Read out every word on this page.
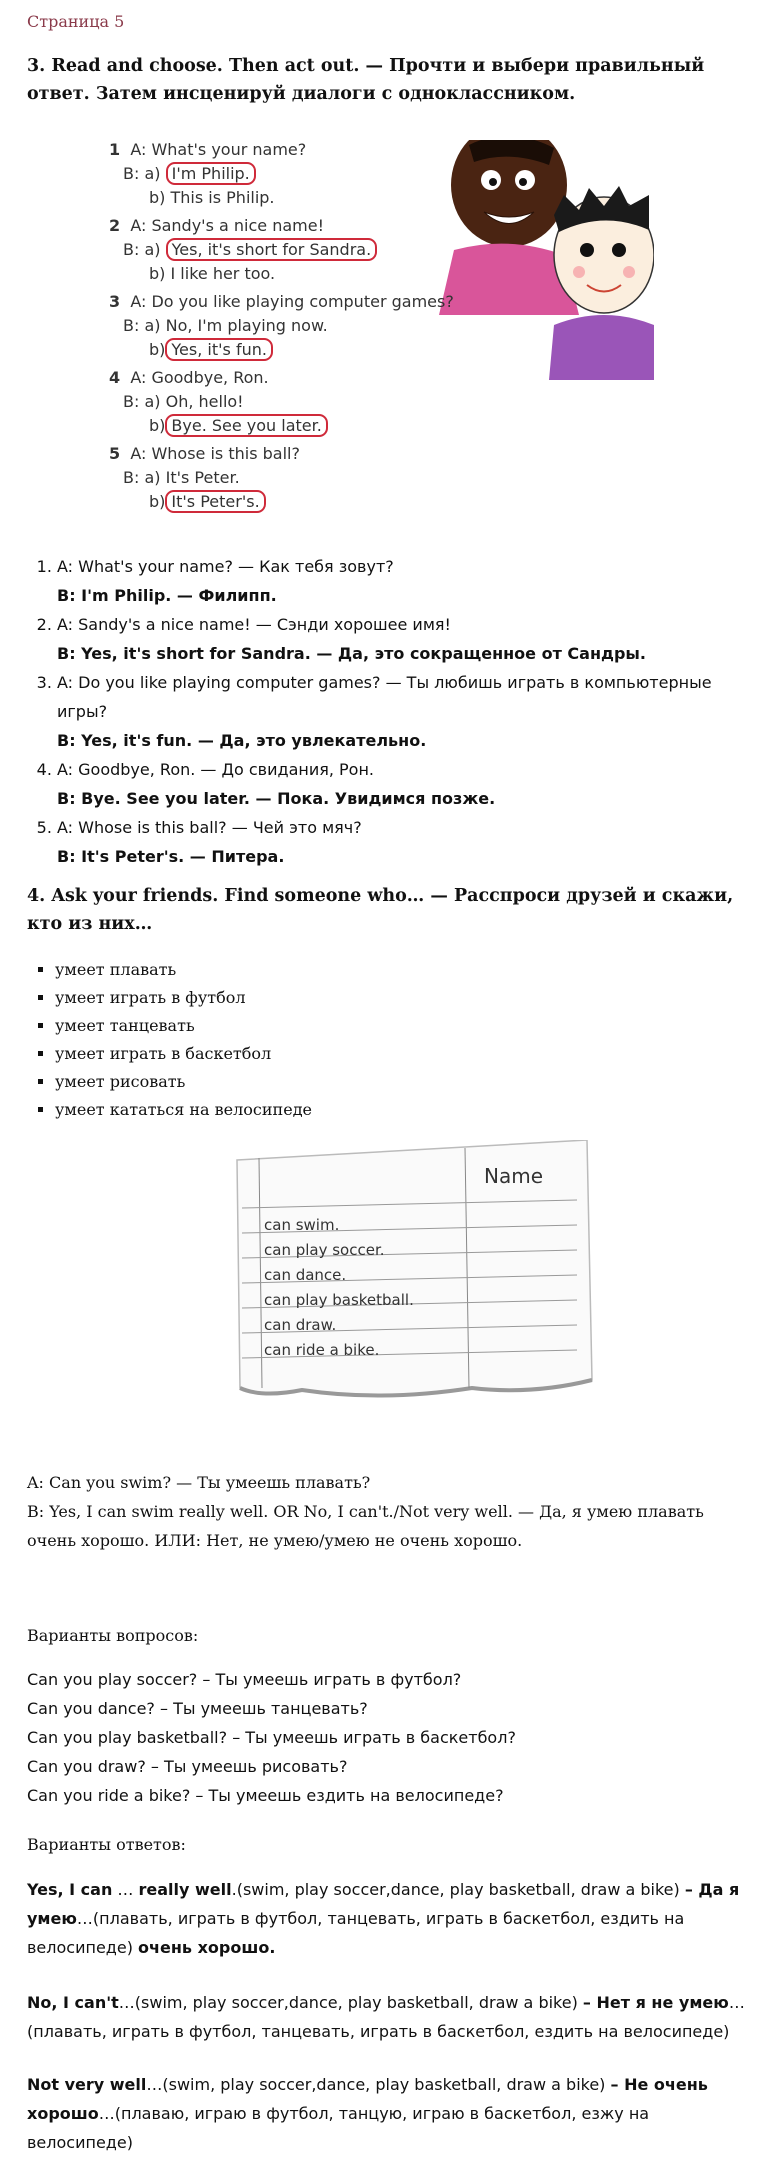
Страница 5
3. Read and choose. Then act out. — Прочти и выбери правильный ответ. Затем инсценируй диалоги с одноклассником.
1 A: What's your name?
B: a) I'm Philip.
b) This is Philip.
2 A: Sandy's a nice name!
B: a) Yes, it's short for Sandra.
b) I like her too.
3 A: Do you like playing computer games?
B: a) No, I'm playing now.
b) Yes, it's fun.
4 A: Goodbye, Ron.
B: a) Oh, hello!
b) Bye. See you later.
5 A: Whose is this ball?
B: a) It's Peter.
b) It's Peter's.
1. A: What's your name? — Как тебя зовут?
B: I'm Philip. — Филипп.
2. A: Sandy's a nice name! — Сэнди хорошее имя!
B: Yes, it's short for Sandra. — Да, это сокращенное от Сандры.
3. A: Do you like playing computer games? — Ты любишь играть в компьютерные игры?
B: Yes, it's fun. — Да, это увлекательно.
4. A: Goodbye, Ron. — До свидания, Рон.
B: Bye. See you later. — Пока. Увидимся позже.
5. A: Whose is this ball? — Чей это мяч?
B: It's Peter's. — Питера.
4. Ask your friends. Find someone who… — Расспроси друзей и скажи, кто из них…
▪ умеет плавать
▪ умеет играть в футбол
▪ умеет танцевать
▪ умеет играть в баскетбол
▪ умеет рисовать
▪ умеет кататься на велосипеде
Name
can swim.
can play soccer.
can dance.
can play basketball.
can draw.
can ride a bike.
A: Can you swim? — Ты умеешь плавать?
B: Yes, I can swim really well. OR No, I can't./Not very well. — Да, я умею плавать очень хорошо. ИЛИ: Нет, не умею/умею не очень хорошо.
Варианты вопросов:
Can you play soccer? – Ты умеешь играть в футбол?
Can you dance? – Ты умеешь танцевать?
Can you play basketball? – Ты умеешь играть в баскетбол?
Can you draw? – Ты умеешь рисовать?
Can you ride a bike? – Ты умеешь ездить на велосипеде?
Варианты ответов:
Yes, I can … really well.(swim, play soccer,dance, play basketball, draw a bike) – Да я умею…(плавать, играть в футбол, танцевать, играть в баскетбол, ездить на велосипеде) очень хорошо.
No, I can't…(swim, play soccer,dance, play basketball, draw a bike) – Нет я не умею…(плавать, играть в футбол, танцевать, играть в баскетбол, ездить на велосипеде)
Not very well…(swim, play soccer,dance, play basketball, draw a bike) – Не очень хорошо…(плаваю, играю в футбол, танцую, играю в баскетбол, езжу на велосипеде)
